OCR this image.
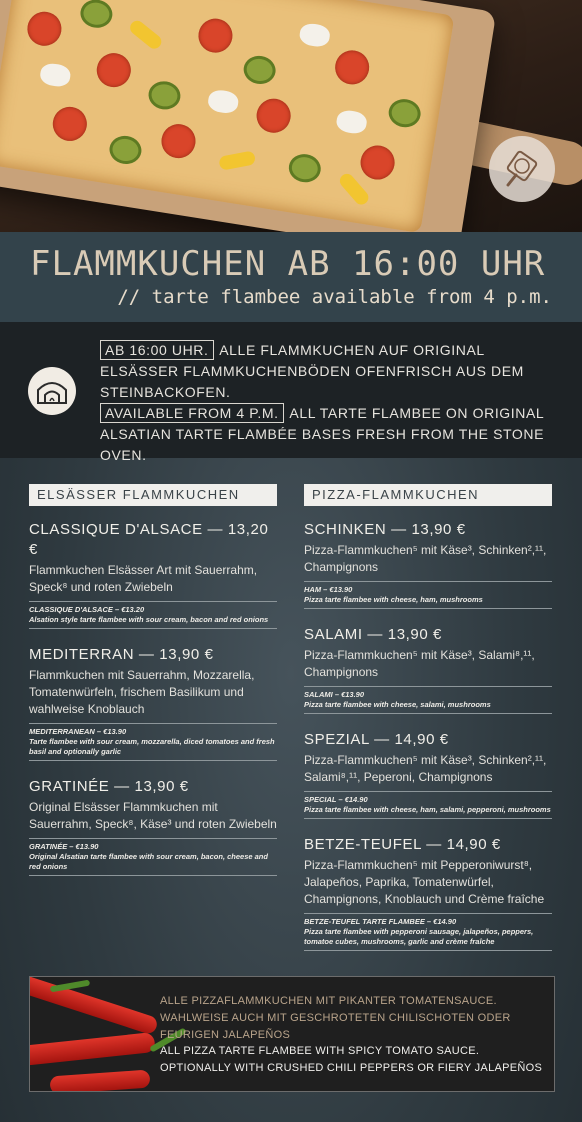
FLAMMKUCHEN AB 16:00 UHR
// tarte flambee available from 4 p.m.
AB 16:00 UHR. ALLE FLAMMKUCHEN AUF ORIGINAL ELSÄSSER FLAMMKUCHENBÖDEN OFENFRISCH AUS DEM STEINBACKOFEN.
AVAILABLE FROM 4 P.M. ALL TARTE FLAMBEE ON ORIGINAL ALSATIAN TARTE FLAMBÉE BASES FRESH FROM THE STONE OVEN.
ELSÄSSER FLAMMKUCHEN
CLASSIQUE D'ALSACE — 13,20 €
Flammkuchen Elsässer Art mit Sauerrahm, Speck⁸ und roten Zwiebeln
CLASSIQUE D'ALSACE – €13.20
Alsation style tarte flambee with sour cream, bacon and red onions
MEDITERRAN — 13,90 €
Flammkuchen mit Sauerrahm, Mozzarella, Tomatenwürfeln, frischem Basilikum und wahlweise Knoblauch
MEDITERRANEAN – €13.90
Tarte flambee with sour cream, mozzarella, diced tomatoes and fresh basil and optionally garlic
GRATINÉE — 13,90 €
Original Elsässer Flammkuchen mit Sauerrahm, Speck⁸, Käse³ und roten Zwiebeln
GRATINÉE – €13.90
Original Alsatian tarte flambee with sour cream, bacon, cheese and red onions
PIZZA-FLAMMKUCHEN
SCHINKEN — 13,90 €
Pizza-Flammkuchen⁵ mit Käse³, Schinken²,¹¹, Champignons
HAM – €13.90
Pizza tarte flambee with cheese, ham, mushrooms
SALAMI — 13,90 €
Pizza-Flammkuchen⁵ mit Käse³, Salami⁸,¹¹, Champignons
SALAMI – €13.90
Pizza tarte flambee with cheese, salami, mushrooms
SPEZIAL — 14,90 €
Pizza-Flammkuchen⁵ mit Käse³, Schinken²,¹¹, Salami⁸,¹¹, Peperoni, Champignons
SPECIAL – €14.90
Pizza tarte flambee with cheese, ham, salami, pepperoni, mushrooms
BETZE-TEUFEL — 14,90 €
Pizza-Flammkuchen⁵ mit Pepperoniwurst⁸, Jalapeños, Paprika, Tomatenwürfel, Champignons, Knoblauch und Crème fraîche
BETZE-TEUFEL TARTE FLAMBEE – €14.90
Pizza tarte flambee with pepperoni sausage, jalapeños, peppers, tomatoe cubes, mushrooms, garlic and crème fraîche
ALLE PIZZAFLAMMKUCHEN MIT PIKANTER TOMATENSAUCE. WAHLWEISE AUCH MIT GESCHROTETEN CHILISCHOTEN ODER FEURIGEN JALAPEÑOS
ALL PIZZA TARTE FLAMBEE WITH SPICY TOMATO SAUCE.
OPTIONALLY WITH CRUSHED CHILI PEPPERS OR FIERY JALAPEÑOS
